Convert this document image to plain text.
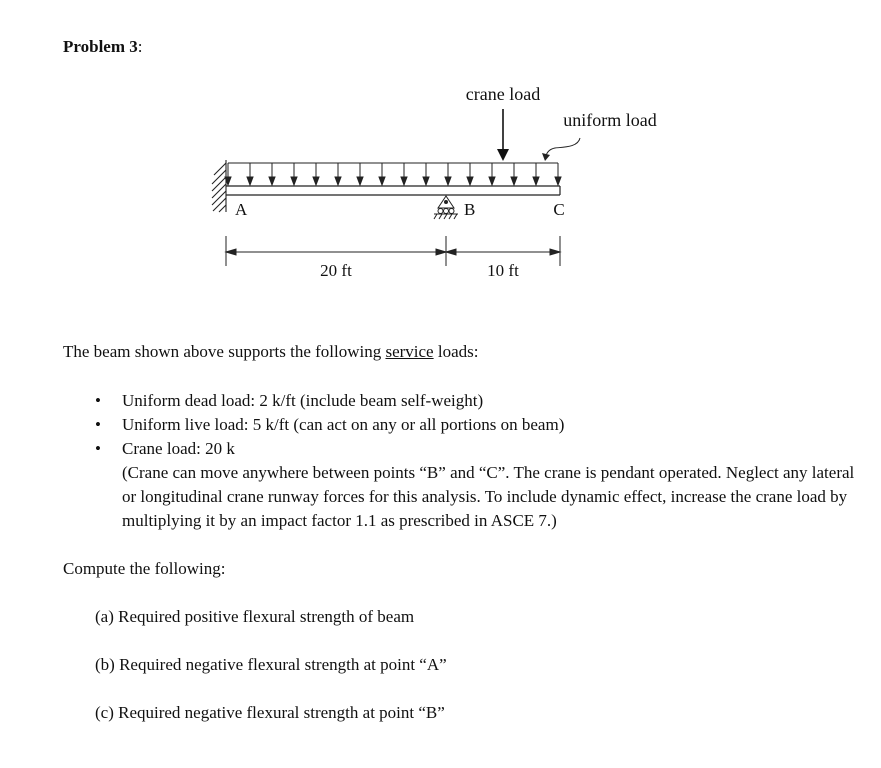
Problem 3:
crane load
uniform load
A	B	C
20 ft	10 ft
The beam shown above supports the following service loads:
• Uniform dead load: 2 k/ft (include beam self-weight)
• Uniform live load: 5 k/ft (can act on any or all portions on beam)
• Crane load: 20 k
(Crane can move anywhere between points “B” and “C”. The crane is pendant operated. Neglect any lateral or longitudinal crane runway forces for this analysis. To include dynamic effect, increase the crane load by multiplying it by an impact factor 1.1 as prescribed in ASCE 7.)
Compute the following:
(a) Required positive flexural strength of beam
(b) Required negative flexural strength at point “A”
(c) Required negative flexural strength at point “B”
